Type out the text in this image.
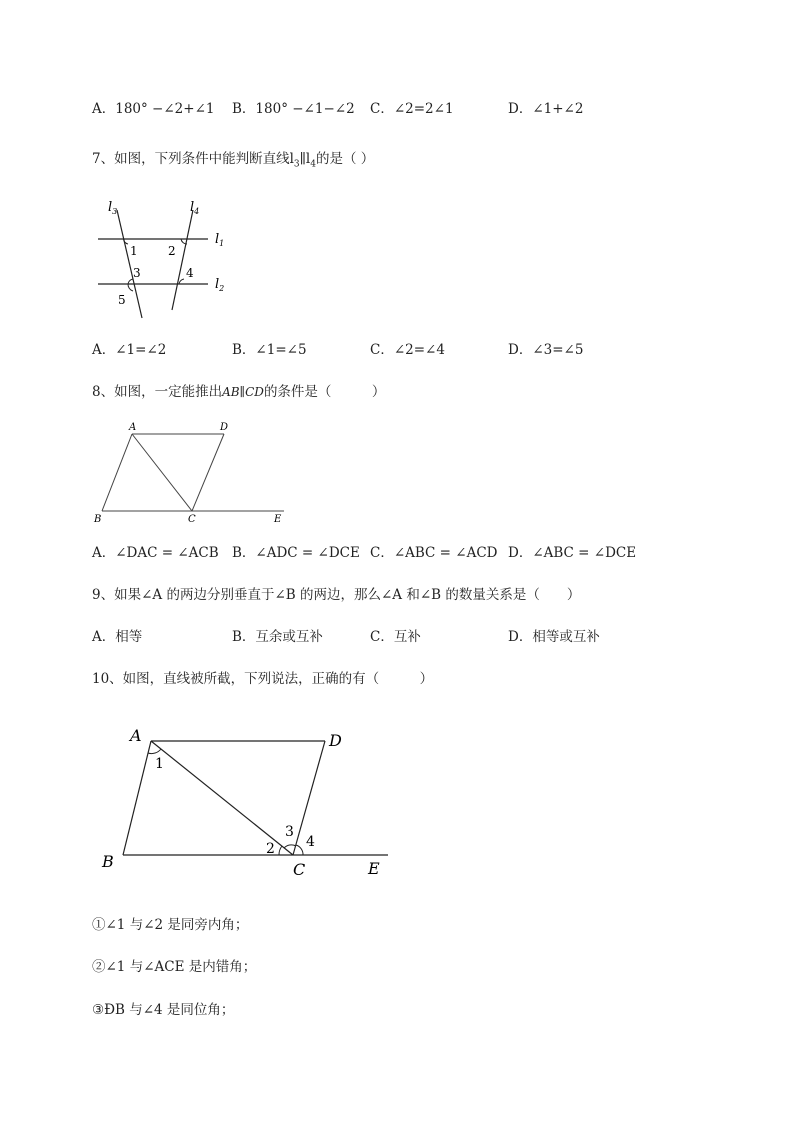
A．180° −∠2+∠1 B．180° −∠1−∠2 C．∠2=2∠1	D．∠1+∠2
7、如图，下列条件中能判断直线$l_3\parallel l_4$的是（ ）
$l_3$	$l_4$
$l_1$
$l_2$
1	2
3	4
5
A．∠1=∠2	B．∠1=∠5	C．∠2=∠4	D．∠3=∠5
8、如图，一定能推出AB∥CD的条件是（　　　）
A	D
B	C	E
A．∠DAC = ∠ACB B．∠ADC = ∠DCE C．∠ABC = ∠ACD D．∠ABC = ∠DCE
9、如果∠A 的两边分别垂直于∠B 的两边，那么∠A 和∠B 的数量关系是（　　）
A．相等	B．互余或互补	C．互补	D．相等或互补
10、如图，直线被所截，下列说法，正确的有（　　　）
A	D
B	C	E
1
2
3
4
①∠1 与∠2 是同旁内角；
②∠1 与∠ACE 是内错角；
③ÐB 与∠4 是同位角；
